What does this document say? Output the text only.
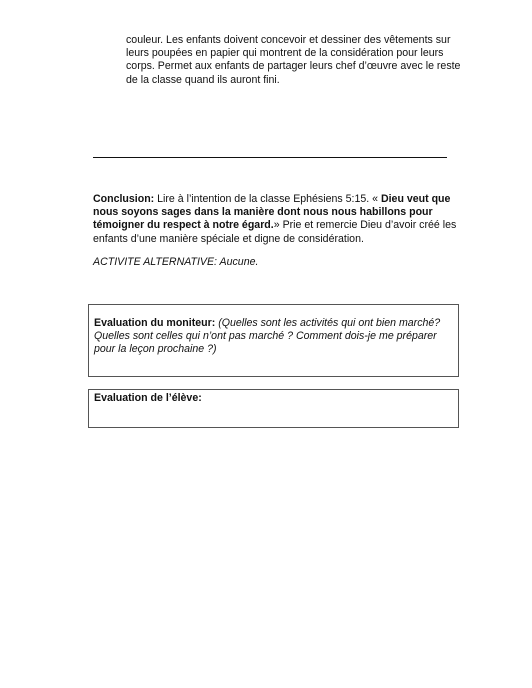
couleur. Les enfants doivent concevoir et dessiner des vêtements sur leurs poupées en papier qui montrent de la considération pour leurs corps. Permet aux enfants de partager leurs chef d’œuvre avec le reste de la classe quand ils auront fini.

Conclusion: Lire à l’intention de la classe Ephésiens 5:15. « Dieu veut que nous soyons sages dans la manière dont nous nous habillons pour témoigner du respect à notre égard.» Prie et remercie Dieu d’avoir créé les enfants d’une manière spéciale et digne de considération.

ACTIVITE ALTERNATIVE: Aucune.

Evaluation du moniteur: (Quelles sont les activités qui ont bien marché? Quelles sont celles qui n’ont pas marché ? Comment dois-je me préparer pour la leçon prochaine ?)

Evaluation de l’élève:
